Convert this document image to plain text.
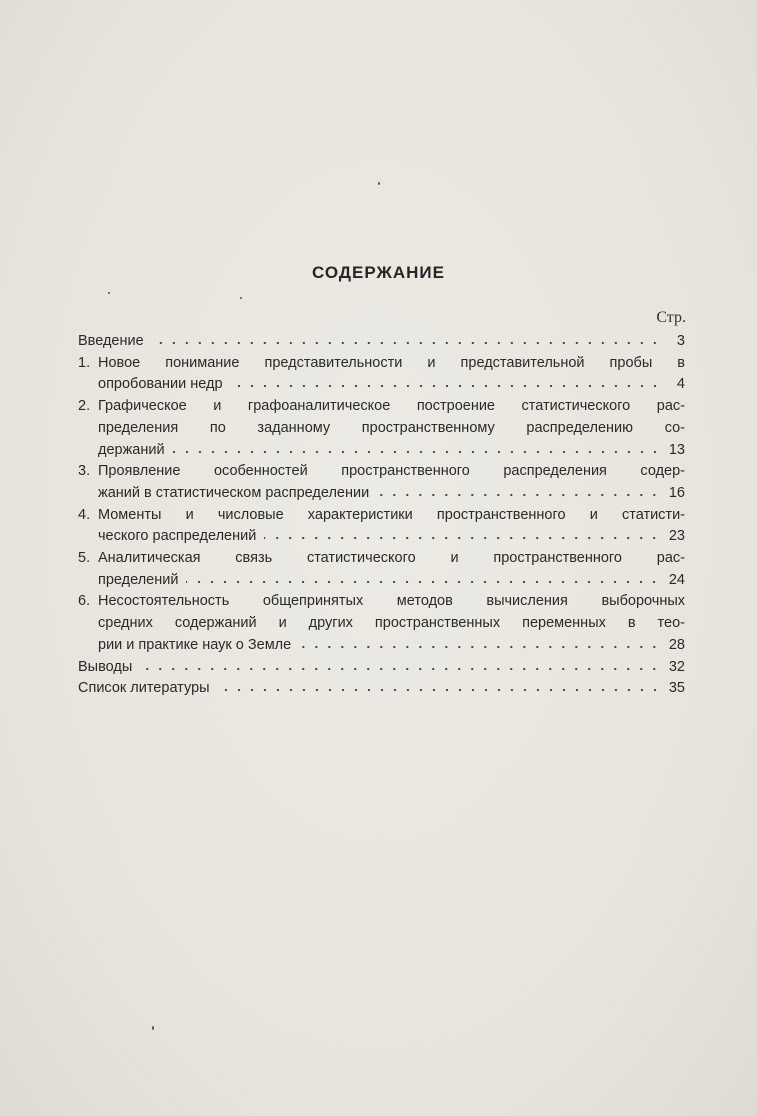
СОДЕРЖАНИЕ
Стр.
Введение	3
1. Новое понимание представительности и представительной пробы в
опробовании недр	4
2. Графическое и графоаналитическое построение статистического рас-
пределения по заданному пространственному распределению со-
держаний	13
3. Проявление особенностей пространственного распределения содер-
жаний в статистическом распределении	16
4. Моменты и числовые характеристики пространственного и статисти-
ческого распределений	23
5. Аналитическая связь статистического и пространственного рас-
пределений	24
6. Несостоятельность общепринятых методов вычисления выборочных
средних содержаний и других пространственных переменных в тео-
рии и практике наук о Земле	28
Выводы	32
Список литературы	35
